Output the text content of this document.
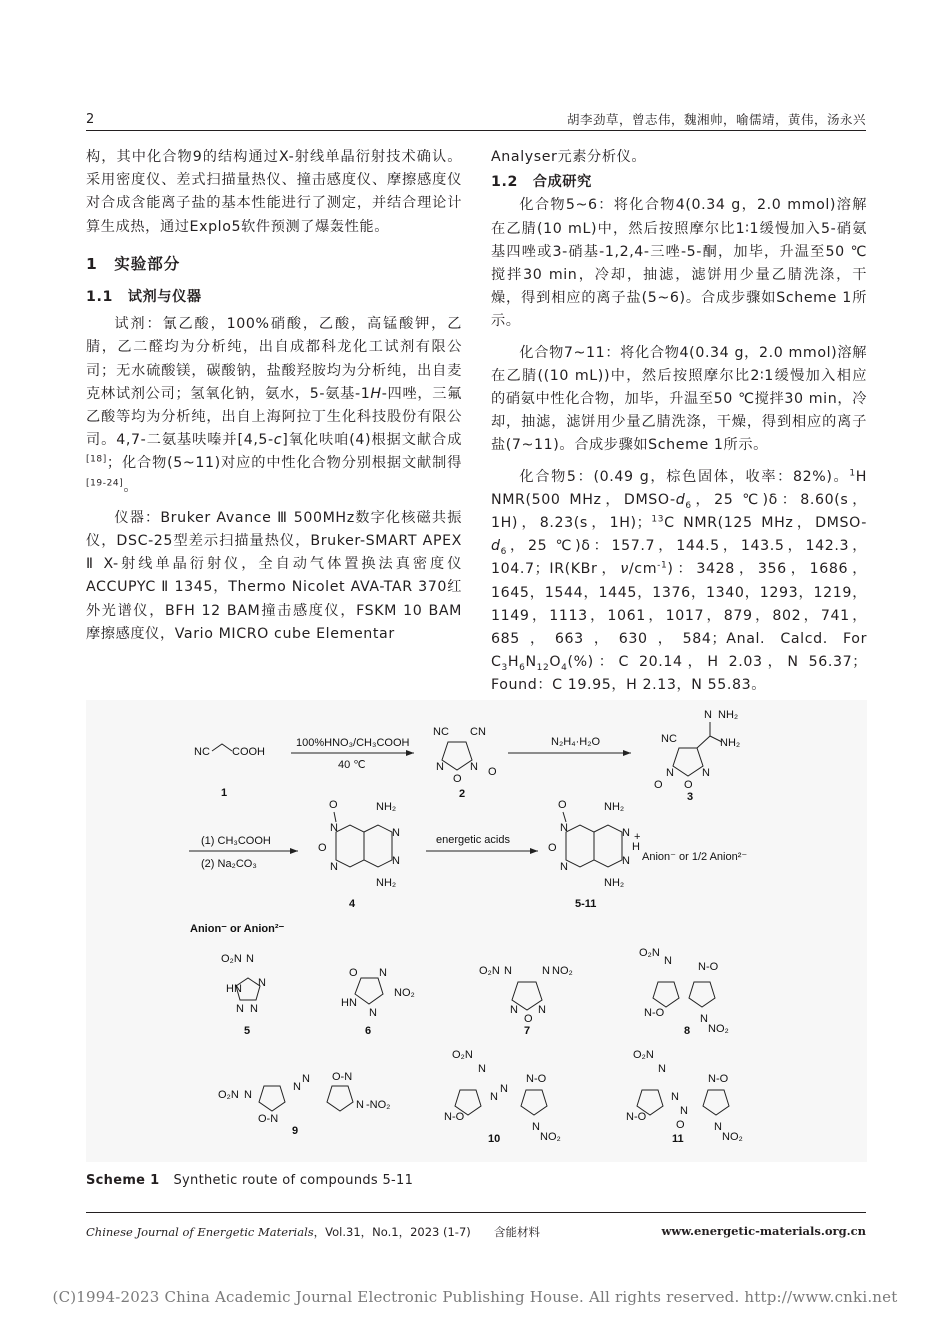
2	胡李劲草，曾志伟，魏湘帅，喻儒靖，黄伟，汤永兴

构，其中化合物9的结构通过X-射线单晶衍射技术确认。采用密度仪、差式扫描量热仪、撞击感度仪、摩擦感度仪对合成含能离子盐的基本性能进行了测定，并结合理论计算生成热，通过Explo5软件预测了爆轰性能。

1　实验部分

1.1　试剂与仪器

试剂：氰乙酸，100%硝酸，乙酸，高锰酸钾，乙腈，乙二醛均为分析纯，出自成都科龙化工试剂有限公司；无水硫酸镁，碳酸钠，盐酸羟胺均为分析纯，出自麦克林试剂公司；氢氧化钠，氨水，5-氨基-1H-四唑，三氟乙酸等均为分析纯，出自上海阿拉丁生化科技股份有限公司。4,7-二氨基呋嗪并[4,5-c]氧化呋咱(4)根据文献合成[18]；化合物(5~11)对应的中性化合物分别根据文献制得[19-24]。

仪器：Bruker Avance Ⅲ 500MHz数字化核磁共振仪，DSC-25型差示扫描量热仪，Bruker-SMART APEX Ⅱ X-射线单晶衍射仪，全自动气体置换法真密度仪 ACCUPYC Ⅱ 1345，Thermo Nicolet AVA-TAR 370红外光谱仪，BFH 12 BAM撞击感度仪，FSKM 10 BAM 摩擦感度仪，Vario MICRO cube Elementar

Analyser元素分析仪。

1.2　合成研究

化合物5~6：将化合物4(0.34 g，2.0 mmol)溶解在乙腈(10 mL)中，然后按照摩尔比1∶1缓慢加入5-硝氨基四唑或3-硝基-1,2,4-三唑-5-酮，加毕，升温至50 ℃搅拌30 min，冷却，抽滤，滤饼用少量乙腈洗涤，干燥，得到相应的离子盐(5~6)。合成步骤如Scheme 1所示。

化合物7~11：将化合物4(0.34 g，2.0 mmol)溶解在乙腈((10 mL))中，然后按照摩尔比2∶1缓慢加入相应的硝氨中性化合物，加毕，升温至50 ℃搅拌30 min，冷却，抽滤，滤饼用少量乙腈洗涤，干燥，得到相应的离子盐(7~11)。合成步骤如Scheme 1所示。

化合物5：(0.49 g，棕色固体，收率：82%)。$^1$H NMR(500 MHz，DMSO-$d_6$，25 ℃)δ：8.60(s，1H)，8.23(s，1H)；$^{13}$C NMR(125 MHz，DMSO-$d_6$，25 ℃)δ：157.7，144.5，143.5，142.3，104.7；IR(KBr，$\nu/cm^{-1}$)：3428，356，1686，1645，1544，1445，1376，1340，1293，1219，1149，1113，1061，1017，879，802，741，685，663，630，584；Anal. Calcd. For $C_3H_6N_{12}O_4(\%)$：C 20.14，H 2.03，N 56.37；Found：C 19.95，H 2.13，N 55.83。

N C COOH
1
100%HNO₃/CH₃COOH
40 ℃
NC CN
N
O
N O
2
N₂H₄·H₂O	NC
N NH₂
NH₂
O
N
O
N
3
(1) CH₃COOH
(2) Na₂CO₃
O
N
O
N
NH₂
NH₂
N
N
4
energetic acids
O
N
O
N
NH₂
NH₂
N
N
H
+
Anion⁻ or 1/2 Anion²⁻
5-11
Anion⁻ or Anion²⁻
O₂N N
HN N
N N
5
O N
HN
N
NO₂
6
O₂N N	N NO₂
N
O
N
7
O₂N
N N-O
N-O	N
NO₂
8
O₂N N
O-N
N
N O-N
N -NO₂
9
O₂N
N
N-O
N
N
N-O
N
NO₂
10
O₂N
N
N-O
N
N
O
N-O
N
NO₂
11
Scheme 1 Synthetic route of compounds 5-11
Chinese Journal of Energetic Materials，Vol.31，No.1，2023 (1-7) 含能材料	www.energetic-materials.org.cn
(C)1994-2023 China Academic Journal Electronic Publishing House. All rights reserved. http://www.cnki.net
